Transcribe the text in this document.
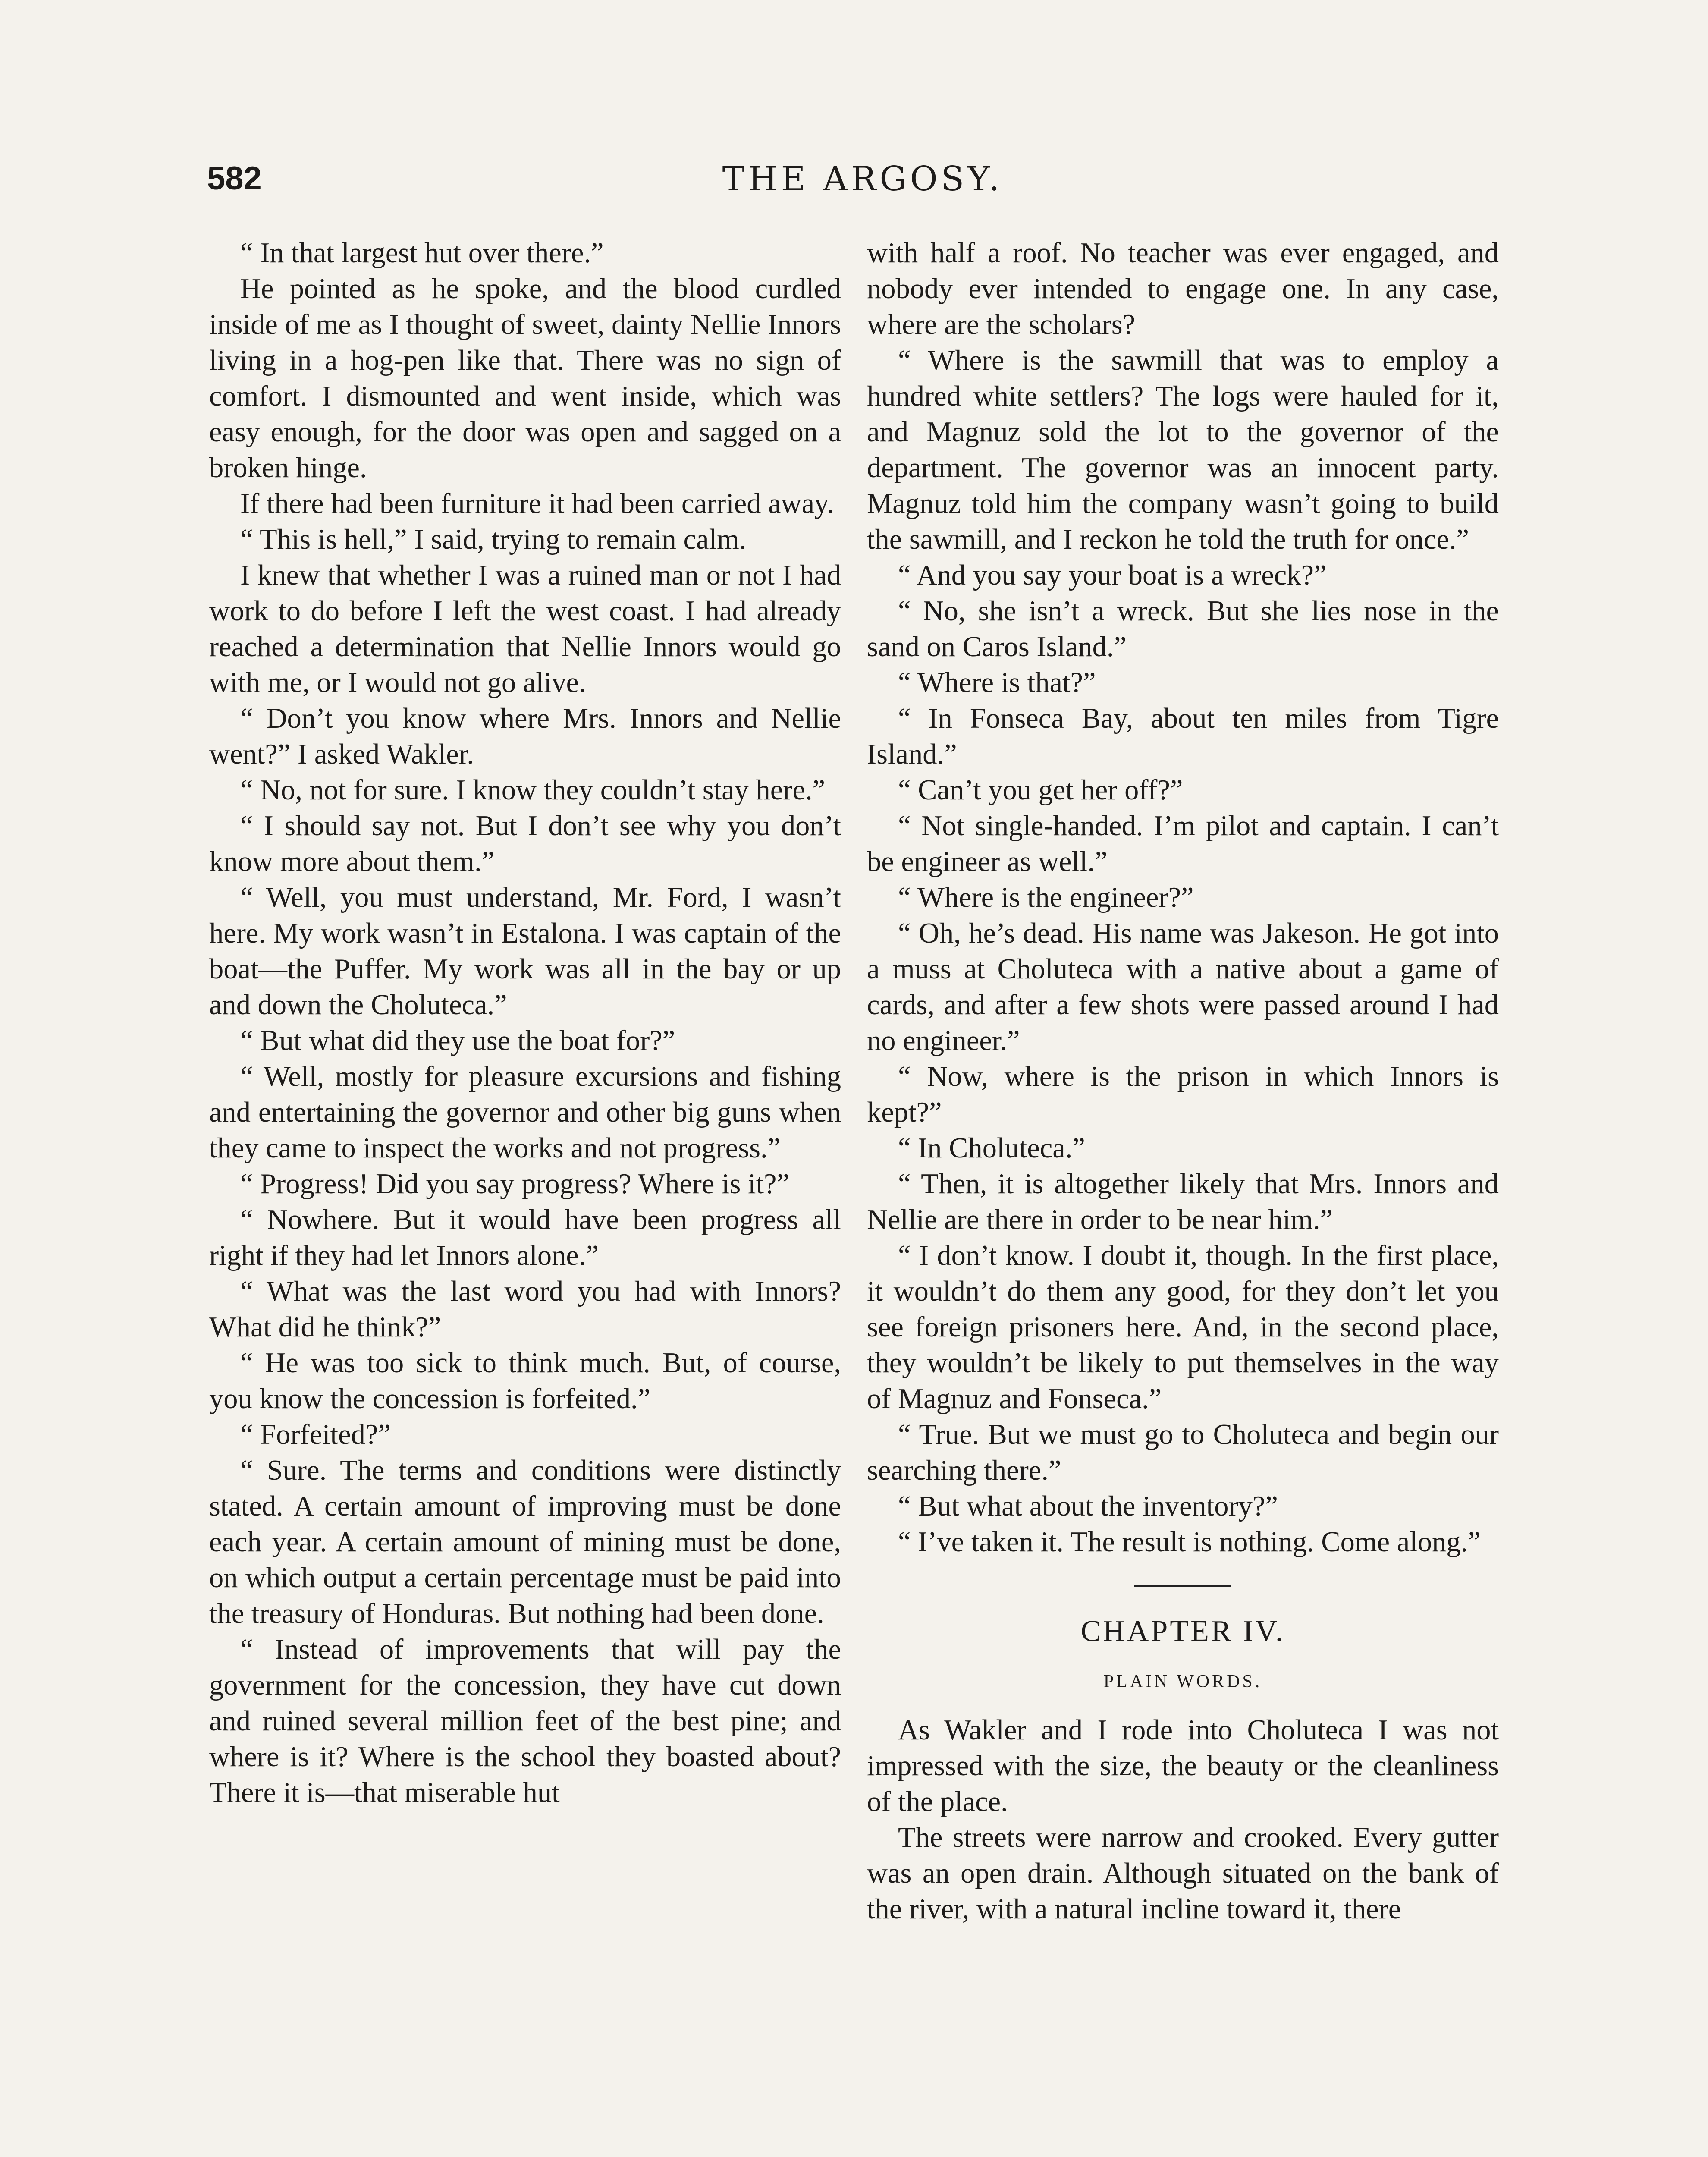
582	THE ARGOSY.

“ In that largest hut over there.”

He pointed as he spoke, and the blood curdled inside of me as I thought of sweet, dainty Nellie Innors living in a hog-pen like that. There was no sign of comfort. I dismounted and went inside, which was easy enough, for the door was open and sagged on a broken hinge.

If there had been furniture it had been carried away.

“ This is hell,” I said, trying to remain calm.

I knew that whether I was a ruined man or not I had work to do before I left the west coast. I had already reached a determination that Nellie Innors would go with me, or I would not go alive.

“ Don’t you know where Mrs. Innors and Nellie went?” I asked Wakler.

“ No, not for sure. I know they couldn’t stay here.”

“ I should say not. But I don’t see why you don’t know more about them.”

“ Well, you must understand, Mr. Ford, I wasn’t here. My work wasn’t in Estalona. I was captain of the boat—the Puffer. My work was all in the bay or up and down the Choluteca.”

“ But what did they use the boat for?”

“ Well, mostly for pleasure excursions and fishing and entertaining the governor and other big guns when they came to inspect the works and not progress.”

“ Progress! Did you say progress? Where is it?”

“ Nowhere. But it would have been progress all right if they had let Innors alone.”

“ What was the last word you had with Innors? What did he think?”

“ He was too sick to think much. But, of course, you know the concession is forfeited.”

“ Forfeited?”

“ Sure. The terms and conditions were distinctly stated. A certain amount of improving must be done each year. A certain amount of mining must be done, on which output a certain percentage must be paid into the treasury of Honduras. But nothing had been done.

“ Instead of improvements that will pay the government for the concession, they have cut down and ruined several million feet of the best pine; and where is it? Where is the school they boasted about? There it is—that miserable hut

with half a roof. No teacher was ever engaged, and nobody ever intended to engage one. In any case, where are the scholars?

“ Where is the sawmill that was to employ a hundred white settlers? The logs were hauled for it, and Magnuz sold the lot to the governor of the department. The governor was an innocent party. Magnuz told him the company wasn’t going to build the sawmill, and I reckon he told the truth for once.”

“ And you say your boat is a wreck?”

“ No, she isn’t a wreck. But she lies nose in the sand on Caros Island.”

“ Where is that?”

“ In Fonseca Bay, about ten miles from Tigre Island.”

“ Can’t you get her off?”

“ Not single-handed. I’m pilot and captain. I can’t be engineer as well.”

“ Where is the engineer?”

“ Oh, he’s dead. His name was Jakeson. He got into a muss at Choluteca with a native about a game of cards, and after a few shots were passed around I had no engineer.”

“ Now, where is the prison in which Innors is kept?”

“ In Choluteca.”

“ Then, it is altogether likely that Mrs. Innors and Nellie are there in order to be near him.”

“ I don’t know. I doubt it, though. In the first place, it wouldn’t do them any good, for they don’t let you see foreign prisoners here. And, in the second place, they wouldn’t be likely to put themselves in the way of Magnuz and Fonseca.”

“ True. But we must go to Choluteca and begin our searching there.”

“ But what about the inventory?”

“ I’ve taken it. The result is nothing. Come along.”

CHAPTER IV.
PLAIN WORDS.

As Wakler and I rode into Choluteca I was not impressed with the size, the beauty or the cleanliness of the place.

The streets were narrow and crooked. Every gutter was an open drain. Although situated on the bank of the river, with a natural incline toward it, there
